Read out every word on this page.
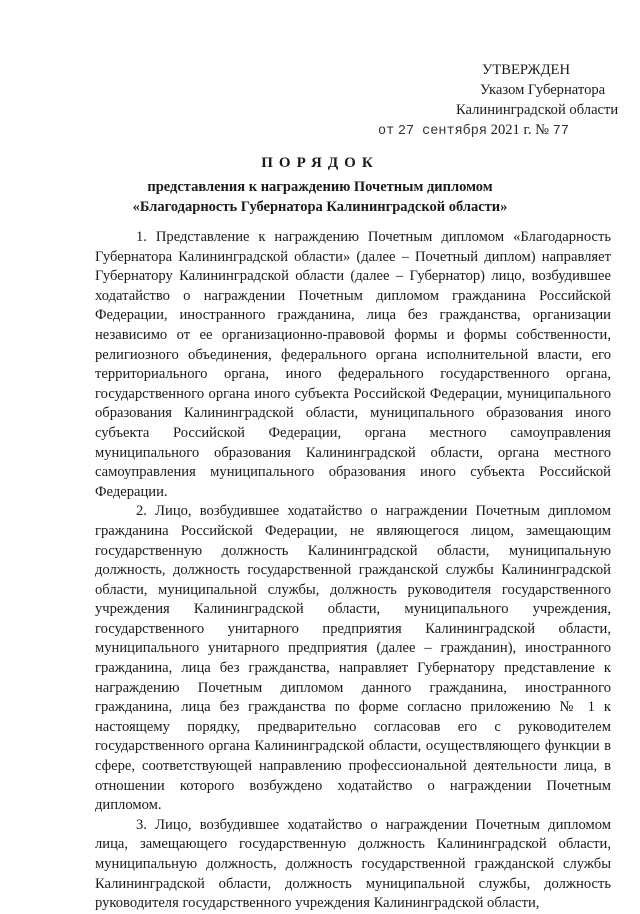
УТВЕРЖДЕН
Указом Губернатора
Калининградской области
от 27 сентября 2021 г. № 77
ПОРЯДОК
представления к награждению Почетным дипломом
«Благодарность Губернатора Калининградской области»

1. Представление к награждению Почетным дипломом «Благодарность Губернатора Калининградской области» (далее – Почетный диплом) направляет Губернатору Калининградской области (далее – Губернатор) лицо, возбудившее ходатайство о награждении Почетным дипломом гражданина Российской Федерации, иностранного гражданина, лица без гражданства, организации независимо от ее организационно-правовой формы и формы собственности, религиозного объединения, федерального органа исполнительной власти, его территориального органа, иного федерального государственного органа, государственного органа иного субъекта Российской Федерации, муниципального образования Калининградской области, муниципального образования иного субъекта Российской Федерации, органа местного самоуправления муниципального образования Калининградской области, органа местного самоуправления муниципального образования иного субъекта Российской Федерации.

2. Лицо, возбудившее ходатайство о награждении Почетным дипломом гражданина Российской Федерации, не являющегося лицом, замещающим государственную должность Калининградской области, муниципальную должность, должность государственной гражданской службы Калининградской области, муниципальной службы, должность руководителя государственного учреждения Калининградской области, муниципального учреждения, государственного унитарного предприятия Калининградской области, муниципального унитарного предприятия (далее – гражданин), иностранного гражданина, лица без гражданства, направляет Губернатору представление к награждению Почетным дипломом данного гражданина, иностранного гражданина, лица без гражданства по форме согласно приложению № 1 к настоящему порядку, предварительно согласовав его с руководителем государственного органа Калининградской области, осуществляющего функции в сфере, соответствующей направлению профессиональной деятельности лица, в отношении которого возбуждено ходатайство о награждении Почетным дипломом.

3. Лицо, возбудившее ходатайство о награждении Почетным дипломом лица, замещающего государственную должность Калининградской области, муниципальную должность, должность государственной гражданской службы Калининградской области, должность муниципальной службы, должность руководителя государственного учреждения Калининградской области,
